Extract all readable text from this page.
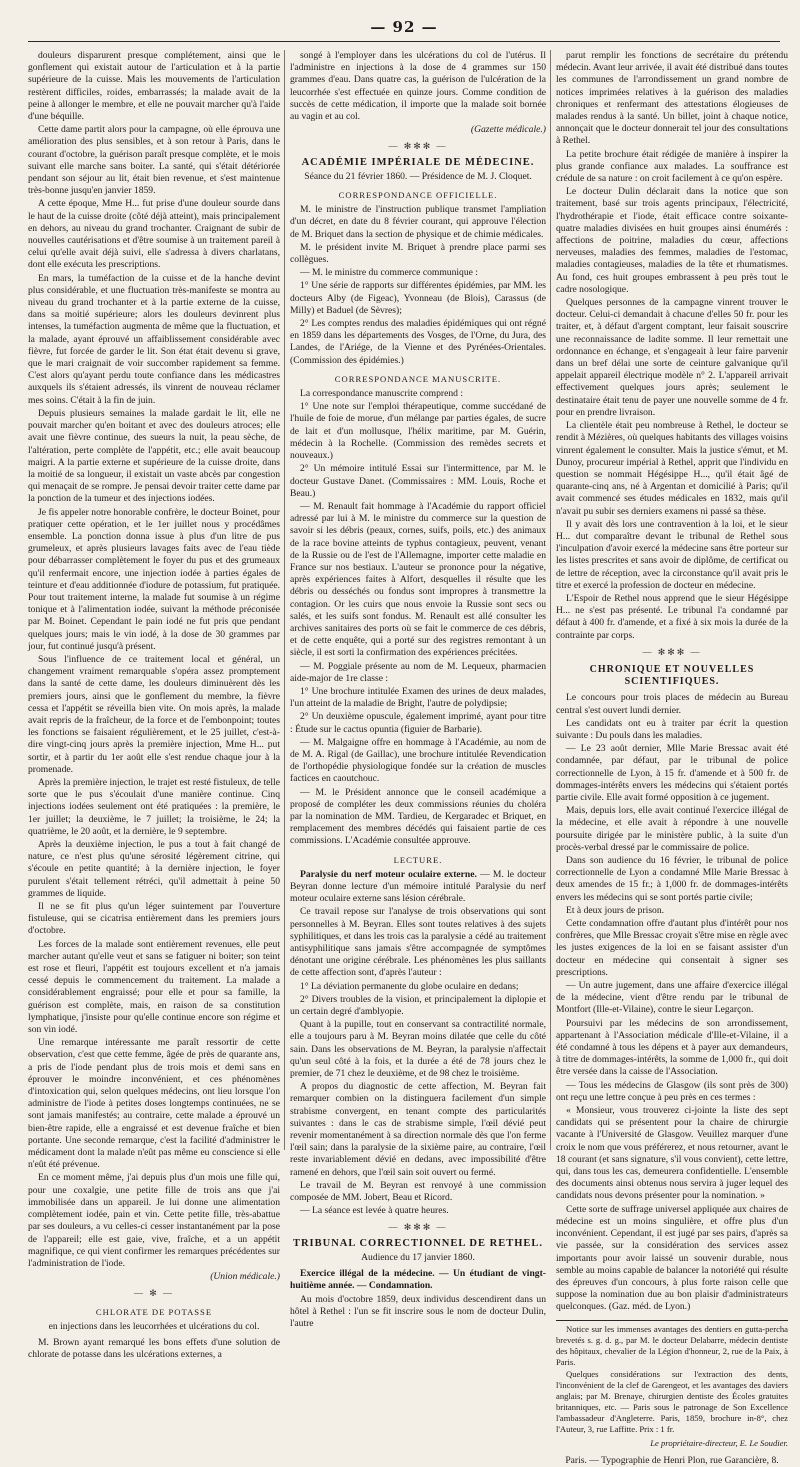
— 92 —

douleurs disparurent presque complétement, ainsi que le gonflement qui existait autour de l'articulation et à la partie supérieure de la cuisse. Mais les mouvements de l'articulation restèrent difficiles, roides, embarrassés; la malade avait de la peine à allonger le membre, et elle ne pouvait marcher qu'à l'aide d'une béquille.

Cette dame partit alors pour la campagne, où elle éprouva une amélioration des plus sensibles, et à son retour à Paris, dans le courant d'octobre, la guérison paraît presque complète, et le mois suivant elle marche sans boiter. La santé, qui s'était détériorée pendant son séjour au lit, était bien revenue, et s'est maintenue très-bonne jusqu'en janvier 1859.

A cette époque, Mme H... fut prise d'une douleur sourde dans le haut de la cuisse droite (côté déjà atteint), mais principalement en dehors, au niveau du grand trochanter. Craignant de subir de nouvelles cautérisations et d'être soumise à un traitement pareil à celui qu'elle avait déjà suivi, elle s'adressa à divers charlatans, dont elle exécuta les prescriptions.

En mars, la tuméfaction de la cuisse et de la hanche devint plus considérable, et une fluctuation très-manifeste se montra au niveau du grand trochanter et à la partie externe de la cuisse, dans sa moitié supérieure; alors les douleurs devinrent plus intenses, la tuméfaction augmenta de même que la fluctuation, et la malade, ayant éprouvé un affaiblissement considérable avec fièvre, fut forcée de garder le lit. Son état était devenu si grave, que le mari craignait de voir succomber rapidement sa femme. C'est alors qu'ayant perdu toute confiance dans les médicastres auxquels ils s'étaient adressés, ils vinrent de nouveau réclamer mes soins. C'était à la fin de juin.

Depuis plusieurs semaines la malade gardait le lit, elle ne pouvait marcher qu'en boitant et avec des douleurs atroces; elle avait une fièvre continue, des sueurs la nuit, la peau sèche, de l'altération, perte complète de l'appétit, etc.; elle avait beaucoup maigri. A la partie externe et supérieure de la cuisse droite, dans la moitié de sa longueur, il existait un vaste abcès par congestion qui menaçait de se rompre. Je pensai devoir traiter cette dame par la ponction de la tumeur et des injections iodées.

Je fis appeler notre honorable confrère, le docteur Boinet, pour pratiquer cette opération, et le 1er juillet nous y procédâmes ensemble. La ponction donna issue à plus d'un litre de pus grumeleux, et après plusieurs lavages faits avec de l'eau tiède pour débarrasser complètement le foyer du pus et des grumeaux qu'il renfermait encore, une injection iodée à parties égales de teinture et d'eau additionnée d'iodure de potassium, fut pratiquée. Pour tout traitement interne, la malade fut soumise à un régime tonique et à l'alimentation iodée, suivant la méthode préconisée par M. Boinet. Cependant le pain iodé ne fut pris que pendant quelques jours; mais le vin iodé, à la dose de 30 grammes par jour, fut continué jusqu'à présent.

Sous l'influence de ce traitement local et général, un changement vraiment remarquable s'opéra assez promptement dans la santé de cette dame, les douleurs diminuèrent dès les premiers jours, ainsi que le gonflement du membre, la fièvre cessa et l'appétit se réveilla bien vite. On mois après, la malade avait repris de la fraîcheur, de la force et de l'embonpoint; toutes les fonctions se faisaient régulièrement, et le 25 juillet, c'est-à-dire vingt-cinq jours après la première injection, Mme H... put sortir, et à partir du 1er août elle s'est rendue chaque jour à la promenade.

Après la première injection, le trajet est resté fistuleux, de telle sorte que le pus s'écoulait d'une manière continue. Cinq injections iodées seulement ont été pratiquées : la première, le 1er juillet; la deuxième, le 7 juillet; la troisième, le 24; la quatrième, le 20 août, et la dernière, le 9 septembre.

Après la deuxième injection, le pus a tout à fait changé de nature, ce n'est plus qu'une sérosité légèrement citrine, qui s'écoule en petite quantité; à la dernière injection, le foyer purulent s'était tellement rétréci, qu'il admettait à peine 50 grammes de liquide.

Il ne se fit plus qu'un léger suintement par l'ouverture fistuleuse, qui se cicatrisa entièrement dans les premiers jours d'octobre.

Les forces de la malade sont entièrement revenues, elle peut marcher autant qu'elle veut et sans se fatiguer ni boiter; son teint est rose et fleuri, l'appétit est toujours excellent et n'a jamais cessé depuis le commencement du traitement. La malade a considérablement engraissé; pour elle et pour sa famille, la guérison est complète, mais, en raison de sa constitution lymphatique, j'insiste pour qu'elle continue encore son régime et son vin iodé.

Une remarque intéressante me paraît ressortir de cette observation, c'est que cette femme, âgée de près de quarante ans, a pris de l'iode pendant plus de trois mois et demi sans en éprouver le moindre inconvénient, et ces phénomènes d'intoxication qui, selon quelques médecins, ont lieu lorsque l'on administre de l'iode à petites doses longtemps continuées, ne se sont jamais manifestés; au contraire, cette malade a éprouvé un bien-être rapide, elle a engraissé et est devenue fraîche et bien portante. Une seconde remarque, c'est la facilité d'administrer le médicament dont la malade n'eût pas même eu conscience si elle n'eût été prévenue.

En ce moment même, j'ai depuis plus d'un mois une fille qui, pour une coxalgie, une petite fille de trois ans que j'ai immobilisée dans un appareil. Je lui donne une alimentation complètement iodée, pain et vin. Cette petite fille, très-abattue par ses douleurs, a vu celles-ci cesser instantanément par la pose de l'appareil; elle est gaie, vive, fraîche, et a un appétit magnifique, ce qui vient confirmer les remarques précédentes sur l'administration de l'iode.

(Union médicale.)

— ✻ —
CHLORATE DE POTASSE
en injections dans les leucorrhées et ulcérations du col.

M. Brown ayant remarqué les bons effets d'une solution de chlorate de potasse dans les ulcérations externes, a

songé à l'employer dans les ulcérations du col de l'utérus. Il l'administre en injections à la dose de 4 grammes sur 150 grammes d'eau. Dans quatre cas, la guérison de l'ulcération de la leucorrhée s'est effectuée en quinze jours. Comme condition de succès de cette médication, il importe que la malade soit bornée au vagin et au col.

(Gazette médicale.)

— ✻✻✻ —
ACADÉMIE IMPÉRIALE DE MÉDECINE.
Séance du 21 février 1860. — Présidence de M. J. Cloquet.
CORRESPONDANCE OFFICIELLE.

M. le ministre de l'instruction publique transmet l'ampliation d'un décret, en date du 8 février courant, qui approuve l'élection de M. Briquet dans la section de physique et de chimie médicales.

M. le président invite M. Briquet à prendre place parmi ses collègues.

— M. le ministre du commerce communique :

1° Une série de rapports sur différentes épidémies, par MM. les docteurs Alby (de Figeac), Yvonneau (de Blois), Carassus (de Milly) et Baduel (de Sèvres);

2° Les comptes rendus des maladies épidémiques qui ont régné en 1859 dans les départements des Vosges, de l'Orne, du Jura, des Landes, de l'Ariége, de la Vienne et des Pyrénées-Orientales. (Commission des épidémies.)

CORRESPONDANCE MANUSCRITE.

La correspondance manuscrite comprend :

1° Une note sur l'emploi thérapeutique, comme succédané de l'huile de foie de morue, d'un mélange par parties égales, de sucre de lait et d'un mollusque, l'hélix maritime, par M. Guérin, médecin à la Rochelle. (Commission des remèdes secrets et nouveaux.)

2° Un mémoire intitulé Essai sur l'intermittence, par M. le docteur Gustave Danet. (Commissaires : MM. Louis, Roche et Beau.)

— M. Renault fait hommage à l'Académie du rapport officiel adressé par lui à M. le ministre du commerce sur la question de savoir si les débris (peaux, cornes, suifs, poils, etc.) des animaux de la race bovine atteints de typhus contagieux, peuvent, venant de la Russie ou de l'est de l'Allemagne, importer cette maladie en France sur nos bestiaux. L'auteur se prononce pour la négative, après expériences faites à Alfort, desquelles il résulte que les débris ou desséchés ou fondus sont impropres à transmettre la contagion. Or les cuirs que nous envoie la Russie sont secs ou salés, et les suifs sont fondus. M. Renault est allé consulter les archives sanitaires des ports où se fait le commerce de ces débris, et de cette enquête, qui a porté sur des registres remontant à un siècle, il est sorti la confirmation des expériences précitées.

— M. Poggiale présente au nom de M. Lequeux, pharmacien aide-major de 1re classe :

1° Une brochure intitulée Examen des urines de deux malades, l'un atteint de la maladie de Bright, l'autre de polydipsie;

2° Un deuxième opuscule, également imprimé, ayant pour titre : Étude sur le cactus opuntia (figuier de Barbarie).

— M. Malgaigne offre en hommage à l'Académie, au nom de de M. A. Rigal (de Gaillac), une brochure intitulée Revendication de l'orthopédie physiologique fondée sur la création de muscles factices en caoutchouc.

— M. le Président annonce que le conseil académique a proposé de compléter les deux commissions réunies du choléra par la nomination de MM. Tardieu, de Kergaradec et Briquet, en remplacement des membres décédés qui faisaient partie de ces commissions. L'Académie consultée approuve.

LECTURE.

Paralysie du nerf moteur oculaire externe. — M. le docteur Beyran donne lecture d'un mémoire intitulé Paralysie du nerf moteur oculaire externe sans lésion cérébrale.

Ce travail repose sur l'analyse de trois observations qui sont personnelles à M. Beyran. Elles sont toutes relatives à des sujets syphilitiques, et dans les trois cas la paralysie a cédé au traitement antisyphilitique sans jamais s'être accompagnée de symptômes dénotant une origine cérébrale. Les phénomènes les plus saillants de cette affection sont, d'après l'auteur :

1° La déviation permanente du globe oculaire en dedans;

2° Divers troubles de la vision, et principalement la diplopie et un certain degré d'amblyopie.

Quant à la pupille, tout en conservant sa contractilité normale, elle a toujours paru à M. Beyran moins dilatée que celle du côté sain. Dans les observations de M. Beyran, la paralysie n'affectait qu'un seul côté à la fois, et la durée a été de 78 jours chez le premier, de 71 chez le deuxième, et de 98 chez le troisième.

A propos du diagnostic de cette affection, M. Beyran fait remarquer combien on la distinguera facilement d'un simple strabisme convergent, en tenant compte des particularités suivantes : dans le cas de strabisme simple, l'œil dévié peut revenir momentanément à sa direction normale dès que l'on ferme l'œil sain; dans la paralysie de la sixième paire, au contraire, l'œil reste invariablement dévié en dedans, avec impossibilité d'être ramené en dehors, que l'œil sain soit ouvert ou fermé.

Le travail de M. Beyran est renvoyé à une commission composée de MM. Jobert, Beau et Ricord.

— La séance est levée à quatre heures.

— ✻✻✻ —
TRIBUNAL CORRECTIONNEL DE RETHEL.
Audience du 17 janvier 1860.

Exercice illégal de la médecine. — Un étudiant de vingt-huitième année. — Condamnation.

Au mois d'octobre 1859, deux individus descendirent dans un hôtel à Rethel : l'un se fit inscrire sous le nom de docteur Dulin, l'autre

parut remplir les fonctions de secrétaire du prétendu médecin. Avant leur arrivée, il avait été distribué dans toutes les communes de l'arrondissement un grand nombre de notices imprimées relatives à la guérison des maladies chroniques et renfermant des attestations élogieuses de malades rendus à la santé. Un billet, joint à chaque notice, annonçait que le docteur donnerait tel jour des consultations à Rethel.

La petite brochure était rédigée de manière à inspirer la plus grande confiance aux malades. La souffrance est crédule de sa nature : on croit facilement à ce qu'on espère.

Le docteur Dulin déclarait dans la notice que son traitement, basé sur trois agents principaux, l'électricité, l'hydrothérapie et l'iode, était efficace contre soixante-quatre maladies divisées en huit groupes ainsi énumérés : affections de poitrine, maladies du cœur, affections nerveuses, maladies des femmes, maladies de l'estomac, maladies contagieuses, maladies de la tête et rhumatismes. Au fond, ces huit groupes embrassent à peu près tout le cadre nosologique.

Quelques personnes de la campagne vinrent trouver le docteur. Celui-ci demandait à chacune d'elles 50 fr. pour les traiter, et, à défaut d'argent comptant, leur faisait souscrire une reconnaissance de ladite somme. Il leur remettait une ordonnance en échange, et s'engageait à leur faire parvenir dans un bref délai une sorte de ceinture galvanique qu'il appelait appareil électrique modèle n° 2. L'appareil arrivait effectivement quelques jours après; seulement le destinataire était tenu de payer une nouvelle somme de 4 fr. pour en prendre livraison.

La clientèle était peu nombreuse à Rethel, le docteur se rendit à Mézières, où quelques habitants des villages voisins vinrent également le consulter. Mais la justice s'émut, et M. Dunoy, procureur impérial à Rethel, apprit que l'individu en question se nommait Hégésippe H..., qu'il était âgé de quarante-cinq ans, né à Argentan et domicilié à Paris; qu'il avait commencé ses études médicales en 1832, mais qu'il n'avait pu subir ses derniers examens ni passé sa thèse.

Il y avait dès lors une contravention à la loi, et le sieur H... dut comparaître devant le tribunal de Rethel sous l'inculpation d'avoir exercé la médecine sans être porteur sur les listes prescrites et sans avoir de diplôme, de certificat ou de lettre de réception, avec la circonstance qu'il avait pris le titre et exercé la profession de docteur en médecine.

L'Espoir de Rethel nous apprend que le sieur Hégésippe H... ne s'est pas présenté. Le tribunal l'a condamné par défaut à 400 fr. d'amende, et a fixé à six mois la durée de la contrainte par corps.

— ✻✻✻ —
CHRONIQUE ET NOUVELLES SCIENTIFIQUES.

Le concours pour trois places de médecin au Bureau central s'est ouvert lundi dernier.

Les candidats ont eu à traiter par écrit la question suivante : Du pouls dans les maladies.

— Le 23 août dernier, Mlle Marie Bressac avait été condamnée, par défaut, par le tribunal de police correctionnelle de Lyon, à 15 fr. d'amende et à 500 fr. de dommages-intérêts envers les médecins qui s'étaient portés partie civile. Elle avait formé opposition à ce jugement.

Mais, depuis lors, elle avait continué l'exercice illégal de la médecine, et elle avait à répondre à une nouvelle poursuite dirigée par le ministère public, à la suite d'un procès-verbal dressé par le commissaire de police.

Dans son audience du 16 février, le tribunal de police correctionnelle de Lyon a condamné Mlle Marie Bressac à deux amendes de 15 fr.; à 1,000 fr. de dommages-intérêts envers les médecins qui se sont portés partie civile;

Et à deux jours de prison.

Cette condamnation offre d'autant plus d'intérêt pour nos confrères, que Mlle Bressac croyait s'être mise en règle avec les justes exigences de la loi en se faisant assister d'un docteur en médecine qui consentait à signer ses prescriptions.

— Un autre jugement, dans une affaire d'exercice illégal de la médecine, vient d'être rendu par le tribunal de Montfort (Ille-et-Vilaine), contre le sieur Legarçon.

Poursuivi par les médecins de son arrondissement, appartenant à l'Association médicale d'Ille-et-Vilaine, il a été condamné à tous les dépens et à payer aux demandeurs, à titre de dommages-intérêts, la somme de 1,000 fr., qui doit être versée dans la caisse de l'Association.

— Tous les médecins de Glasgow (ils sont près de 300) ont reçu une lettre conçue à peu près en ces termes :

« Monsieur, vous trouverez ci-jointe la liste des sept candidats qui se présentent pour la chaire de chirurgie vacante à l'Université de Glasgow. Veuillez marquer d'une croix le nom que vous préférerez, et nous retourner, avant le 18 courant (et sans signature, s'il vous convient), cette lettre, qui, dans tous les cas, demeurera confidentielle. L'ensemble des documents ainsi obtenus nous servira à juger lequel des candidats nous devons présenter pour la nomination. »

Cette sorte de suffrage universel appliquée aux chaires de médecine est un moins singulière, et offre plus d'un inconvénient. Cependant, il est jugé par ses pairs, d'après sa vie passée, sur la considération des services assez importants pour avoir laissé un souvenir durable, nous semble au moins capable de balancer la notoriété qui résulte des épreuves d'un concours, à plus forte raison celle que suppose la nomination due au bon plaisir d'administrateurs quelconques. (Gaz. méd. de Lyon.)

Notice sur les immenses avantages des dentiers en gutta-percha brevetés s. g. d. g., par M. le docteur Delabarre, médecin dentiste des hôpitaux, chevalier de la Légion d'honneur, 2, rue de la Paix, à Paris.

Quelques considérations sur l'extraction des dents, l'inconvénient de la clef de Garengeot, et les avantages des daviers anglais; par M. Brenaye, chirurgien dentiste des Écoles gratuites britanniques, etc. — Paris sous le patronage de Son Excellence l'ambassadeur d'Angleterre. Paris, 1859, brochure in-8°, chez l'Auteur, 3, rue Laffitte. Prix : 1 fr.

Le propriétaire-directeur, E. Le Soudier.
Paris. — Typographie de Henri Plon, rue Garancière, 8.
